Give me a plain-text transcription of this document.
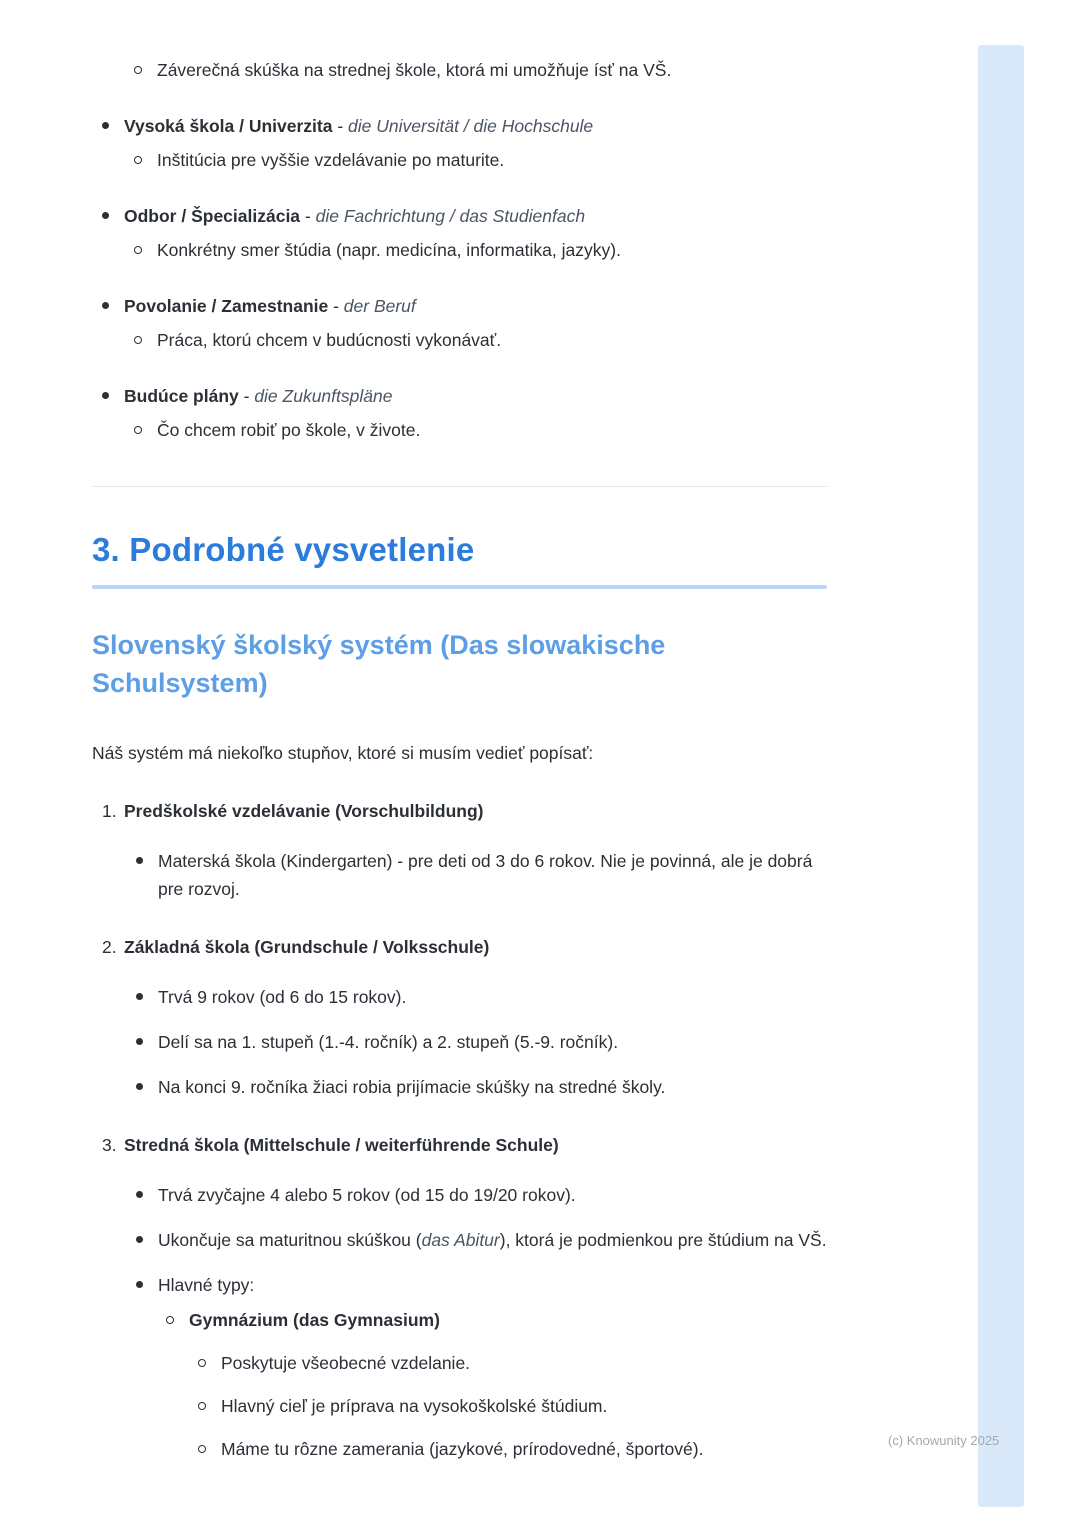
Záverečná skúška na strednej škole, ktorá mi umožňuje ísť na VŠ.
Vysoká škola / Univerzita - die Universität / die Hochschule
Inštitúcia pre vyššie vzdelávanie po maturite.
Odbor / Špecializácia - die Fachrichtung / das Studienfach
Konkrétny smer štúdia (napr. medicína, informatika, jazyky).
Povolanie / Zamestnanie - der Beruf
Práca, ktorú chcem v budúcnosti vykonávať.
Budúce plány - die Zukunftspläne
Čo chcem robiť po škole, v živote.
3. Podrobné vysvetlenie
Slovenský školský systém (Das slowakische Schulsystem)

Náš systém má niekoľko stupňov, ktoré si musím vedieť popísať:

1. Predškolské vzdelávanie (Vorschulbildung)
Materská škola (Kindergarten) - pre deti od 3 do 6 rokov. Nie je povinná, ale je dobrá pre rozvoj.
2. Základná škola (Grundschule / Volksschule)
Trvá 9 rokov (od 6 do 15 rokov).
Delí sa na 1. stupeň (1.-4. ročník) a 2. stupeň (5.-9. ročník).
Na konci 9. ročníka žiaci robia prijímacie skúšky na stredné školy.
3. Stredná škola (Mittelschule / weiterführende Schule)
Trvá zvyčajne 4 alebo 5 rokov (od 15 do 19/20 rokov).
Ukončuje sa maturitnou skúškou (das Abitur), ktorá je podmienkou pre štúdium na VŠ.
Hlavné typy:
Gymnázium (das Gymnasium)
Poskytuje všeobecné vzdelanie.
Hlavný cieľ je príprava na vysokoškolské štúdium.
Máme tu rôzne zamerania (jazykové, prírodovedné, športové).	(c) Knowunity 2025
